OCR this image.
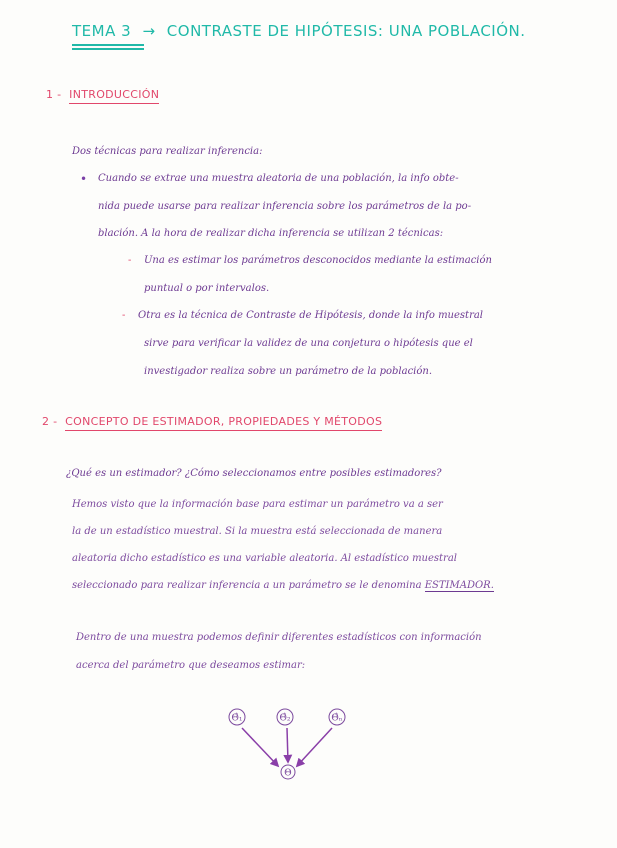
TEMA 3 → CONTRASTE DE HIPÓTESIS: UNA POBLACIÓN.
1 - INTRODUCCIÓN
Dos técnicas para realizar inferencia:
• Cuando se extrae una muestra aleatoria de una población, la info obte-
nida puede usarse para realizar inferencia sobre los parámetros de la po-
blación. A la hora de realizar dicha inferencia se utilizan 2 técnicas:
- Una es estimar los parámetros desconocidos mediante la estimación
puntual o por intervalos.
- Otra es la técnica de Contraste de Hipótesis, donde la info muestral
sirve para verificar la validez de una conjetura o hipótesis que el
investigador realiza sobre un parámetro de la población.
2 - CONCEPTO DE ESTIMADOR, PROPIEDADES Y MÉTODOS
¿Qué es un estimador? ¿Cómo seleccionamos entre posibles estimadores?
Hemos visto que la información base para estimar un parámetro va a ser
la de un estadístico muestral. Si la muestra está seleccionada de manera
aleatoria dicho estadístico es una variable aleatoria. Al estadístico muestral
seleccionado para realizar inferencia a un parámetro se le denomina ESTIMADOR.
Dentro de una muestra podemos definir diferentes estadísticos con información
acerca del parámetro que deseamos estimar:
Θ̂₁	Θ̂₂	Θ̂ₙ
Θ
